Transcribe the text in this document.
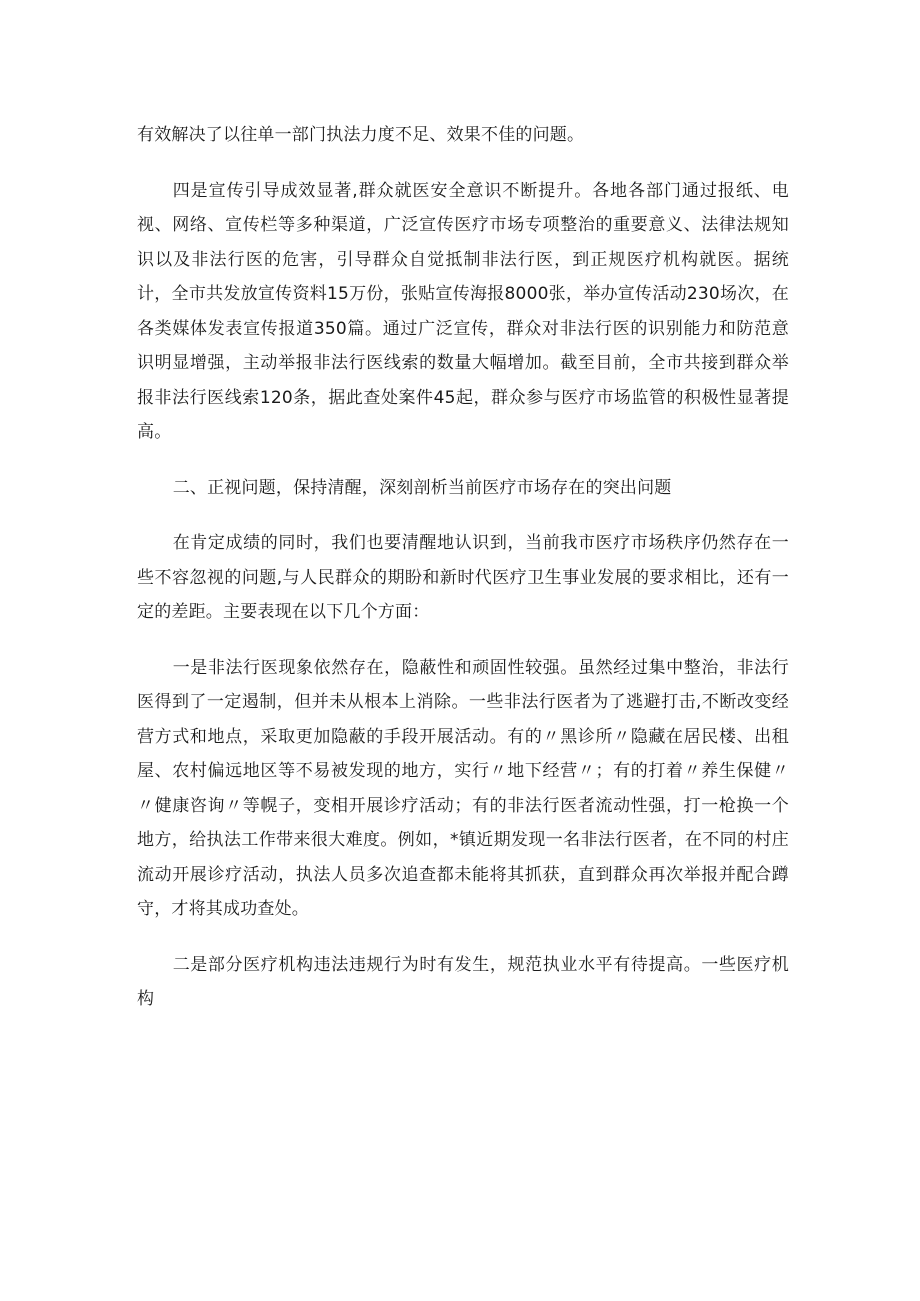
有效解决了以往单一部门执法力度不足、效果不佳的问题。

四是宣传引导成效显著,群众就医安全意识不断提升。各地各部门通过报纸、电视、网络、宣传栏等多种渠道，广泛宣传医疗市场专项整治的重要意义、法律法规知识以及非法行医的危害，引导群众自觉抵制非法行医，到正规医疗机构就医。据统计，全市共发放宣传资料15万份，张贴宣传海报8000张，举办宣传活动230场次，在各类媒体发表宣传报道350篇。通过广泛宣传，群众对非法行医的识别能力和防范意识明显增强，主动举报非法行医线索的数量大幅增加。截至目前，全市共接到群众举报非法行医线索120条，据此查处案件45起，群众参与医疗市场监管的积极性显著提高。

二、正视问题，保持清醒，深刻剖析当前医疗市场存在的突出问题

在肯定成绩的同时，我们也要清醒地认识到，当前我市医疗市场秩序仍然存在一些不容忽视的问题,与人民群众的期盼和新时代医疗卫生事业发展的要求相比，还有一定的差距。主要表现在以下几个方面：

一是非法行医现象依然存在，隐蔽性和顽固性较强。虽然经过集中整治，非法行医得到了一定遏制，但并未从根本上消除。一些非法行医者为了逃避打击,不断改变经营方式和地点，采取更加隐蔽的手段开展活动。有的〃黑诊所〃隐藏在居民楼、出租屋、农村偏远地区等不易被发现的地方，实行〃地下经营〃；有的打着〃养生保健〃〃健康咨询〃等幌子，变相开展诊疗活动；有的非法行医者流动性强，打一枪换一个地方，给执法工作带来很大难度。例如，*镇近期发现一名非法行医者，在不同的村庄流动开展诊疗活动，执法人员多次追查都未能将其抓获，直到群众再次举报并配合蹲守，才将其成功查处。

二是部分医疗机构违法违规行为时有发生，规范执业水平有待提高。一些医疗机构
